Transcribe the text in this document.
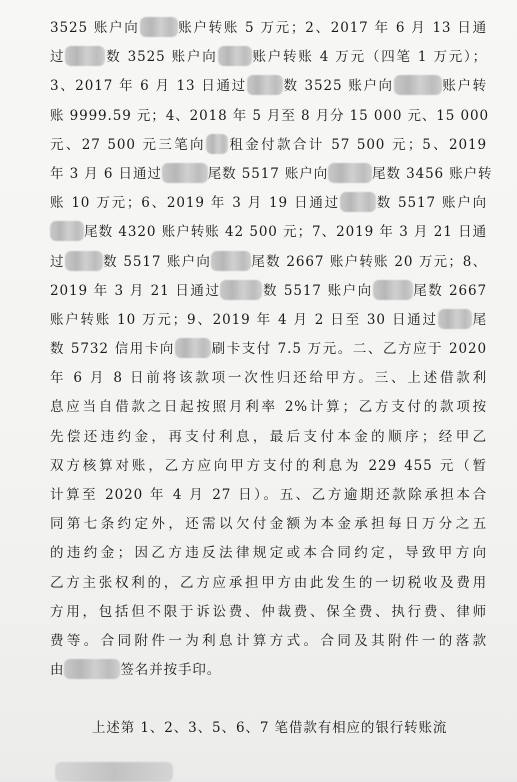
3525 账户向	账户转账 5 万元；2、2017 年 6 月 13 日通
过	数 3525 账户向	账户转账 4 万元（四笔 1 万元）；
3、2017 年 6 月 13 日通过	数 3525 账户向	账户转
账 9999.59 元；4、2018 年 5 月至 8 月分 15 000 元、15 000
元、27 500 元三笔向 租金付款合计 57 500 元；5、2019
年 3 月 6 日通过	尾数 5517 账户向	尾数 3456 账户转
账 10 万元；6、2019 年 3 月 19 日通过	数 5517 账户向
尾数 4320 账户转账 42 500 元；7、2019 年 3 月 21 日通
过	数 5517 账户向	尾数 2667 账户转账 20 万元；8、
2019 年 3 月 21 日通过	数 5517 账户向	尾数 2667
账户转账 10 万元；9、2019 年 4 月 2 日至 30 日通过	尾
数 5732 信用卡向	刷卡支付 7.5 万元。二、乙方应于 2020
年 6 月 8 日前将该款项一次性归还给甲方。三、上述借款利
息应当自借款之日起按照月利率 2%计算；乙方支付的款项按
先偿还违约金，再支付利息，最后支付本金的顺序；经甲乙
双方核算对账，乙方应向甲方支付的利息为 229 455 元（暂
计算至 2020 年 4 月 27 日）。五、乙方逾期还款除承担本合
同第七条约定外，还需以欠付金额为本金承担每日万分之五
的违约金；因乙方违反法律规定或本合同约定，导致甲方向
乙方主张权利的，乙方应承担甲方由此发生的一切税收及费用
方用，包括但不限于诉讼费、仲裁费、保全费、执行费、律师
费等。合同附件一为利息计算方式。合同及其附件一的落款
由	签名并按手印。
上述第 1、2、3、5、6、7 笔借款有相应的银行转账流
